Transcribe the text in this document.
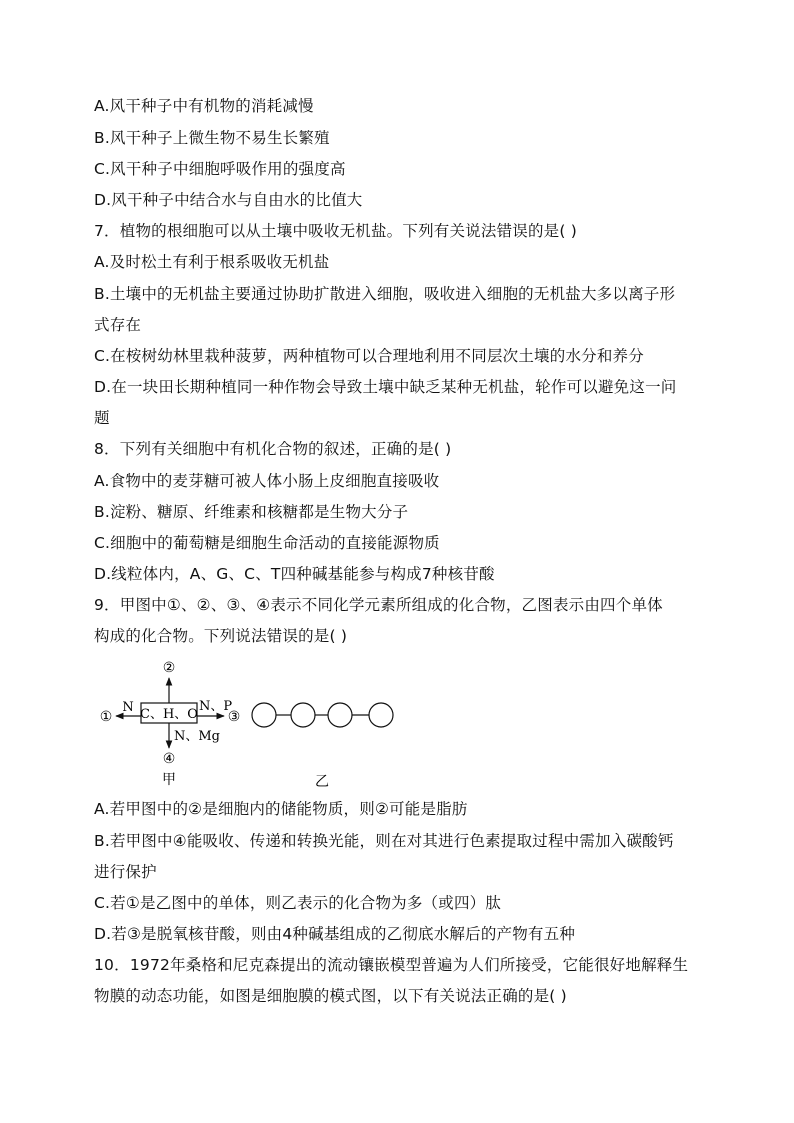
A.风干种子中有机物的消耗减慢
B.风干种子上微生物不易生长繁殖
C.风干种子中细胞呼吸作用的强度高
D.风干种子中结合水与自由水的比值大
7．植物的根细胞可以从土壤中吸收无机盐。下列有关说法错误的是( )
A.及时松土有利于根系吸收无机盐
B.土壤中的无机盐主要通过协助扩散进入细胞，吸收进入细胞的无机盐大多以离子形
式存在
C.在桉树幼林里栽种菠萝，两种植物可以合理地利用不同层次土壤的水分和养分
D.在一块田长期种植同一种作物会导致土壤中缺乏某种无机盐，轮作可以避免这一问
题
8．下列有关细胞中有机化合物的叙述，正确的是( )
A.食物中的麦芽糖可被人体小肠上皮细胞直接吸收
B.淀粉、糖原、纤维素和核糖都是生物大分子
C.细胞中的葡萄糖是细胞生命活动的直接能源物质
D.线粒体内，A、G、C、T四种碱基能参与构成7种核苷酸
9．甲图中①、②、③、④表示不同化学元素所组成的化合物，乙图表示由四个单体
构成的化合物。下列说法错误的是( )
A.若甲图中的②是细胞内的储能物质，则②可能是脂肪
B.若甲图中④能吸收、传递和转换光能，则在对其进行色素提取过程中需加入碳酸钙
进行保护
C.若①是乙图中的单体，则乙表示的化合物为多（或四）肽
D.若③是脱氧核苷酸，则由4种碱基组成的乙彻底水解后的产物有五种
10．1972年桑格和尼克森提出的流动镶嵌模型普遍为人们所接受，它能很好地解释生
物膜的动态功能，如图是细胞膜的模式图，以下有关说法正确的是( )
C、H、O
②
①
N
③
N、P
N、Mg
④
甲	乙
